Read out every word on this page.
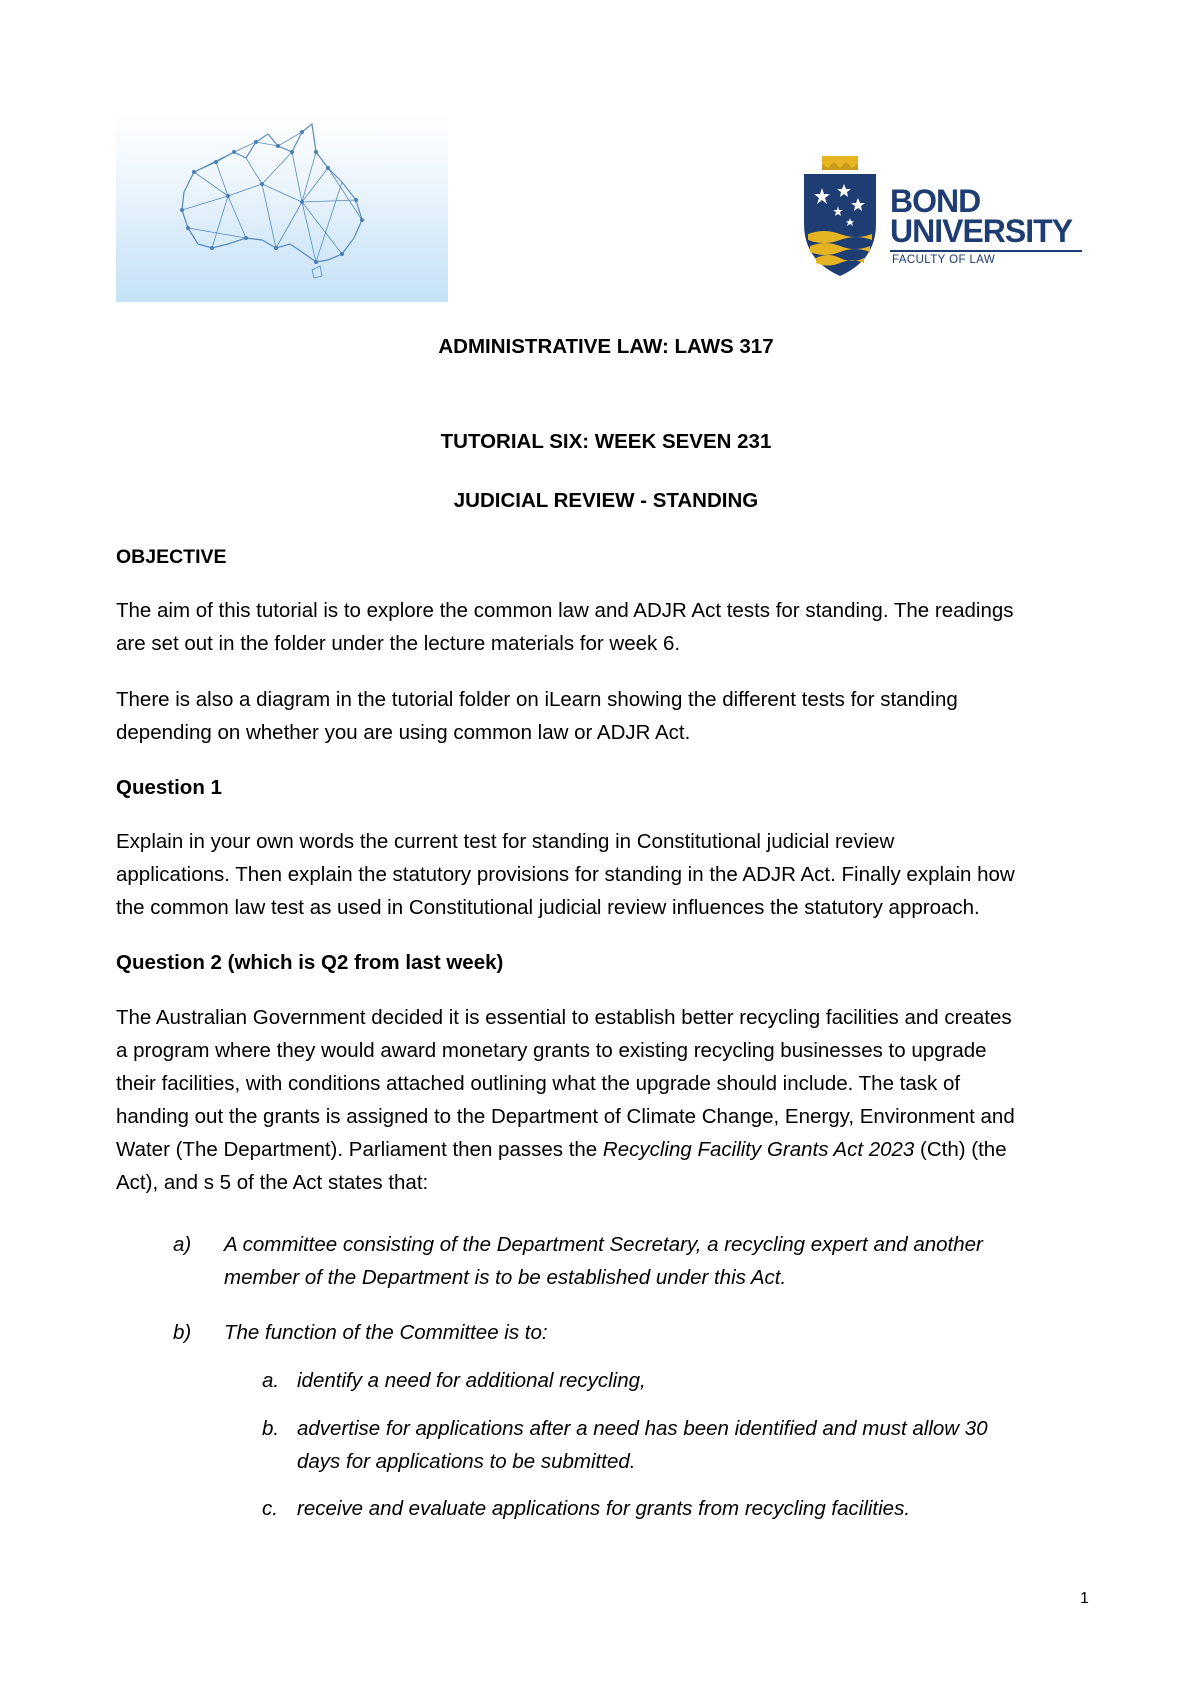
BOND
UNIVERSITY
FACULTY OF LAW
ADMINISTRATIVE LAW: LAWS 317
TUTORIAL SIX: WEEK SEVEN 231
JUDICIAL REVIEW - STANDING
OBJECTIVE
The aim of this tutorial is to explore the common law and ADJR Act tests for standing. The readings
are set out in the folder under the lecture materials for week 6.
There is also a diagram in the tutorial folder on iLearn showing the different tests for standing
depending on whether you are using common law or ADJR Act.
Question 1
Explain in your own words the current test for standing in Constitutional judicial review
applications. Then explain the statutory provisions for standing in the ADJR Act. Finally explain how
the common law test as used in Constitutional judicial review influences the statutory approach.
Question 2 (which is Q2 from last week)
The Australian Government decided it is essential to establish better recycling facilities and creates
a program where they would award monetary grants to existing recycling businesses to upgrade
their facilities, with conditions attached outlining what the upgrade should include. The task of
handing out the grants is assigned to the Department of Climate Change, Energy, Environment and
Water (The Department). Parliament then passes the Recycling Facility Grants Act 2023 (Cth) (the
Act), and s 5 of the Act states that:
a) A committee consisting of the Department Secretary, a recycling expert and another
member of the Department is to be established under this Act.
b) The function of the Committee is to:
a. identify a need for additional recycling,
b. advertise for applications after a need has been identified and must allow 30
days for applications to be submitted.
c. receive and evaluate applications for grants from recycling facilities.
1
